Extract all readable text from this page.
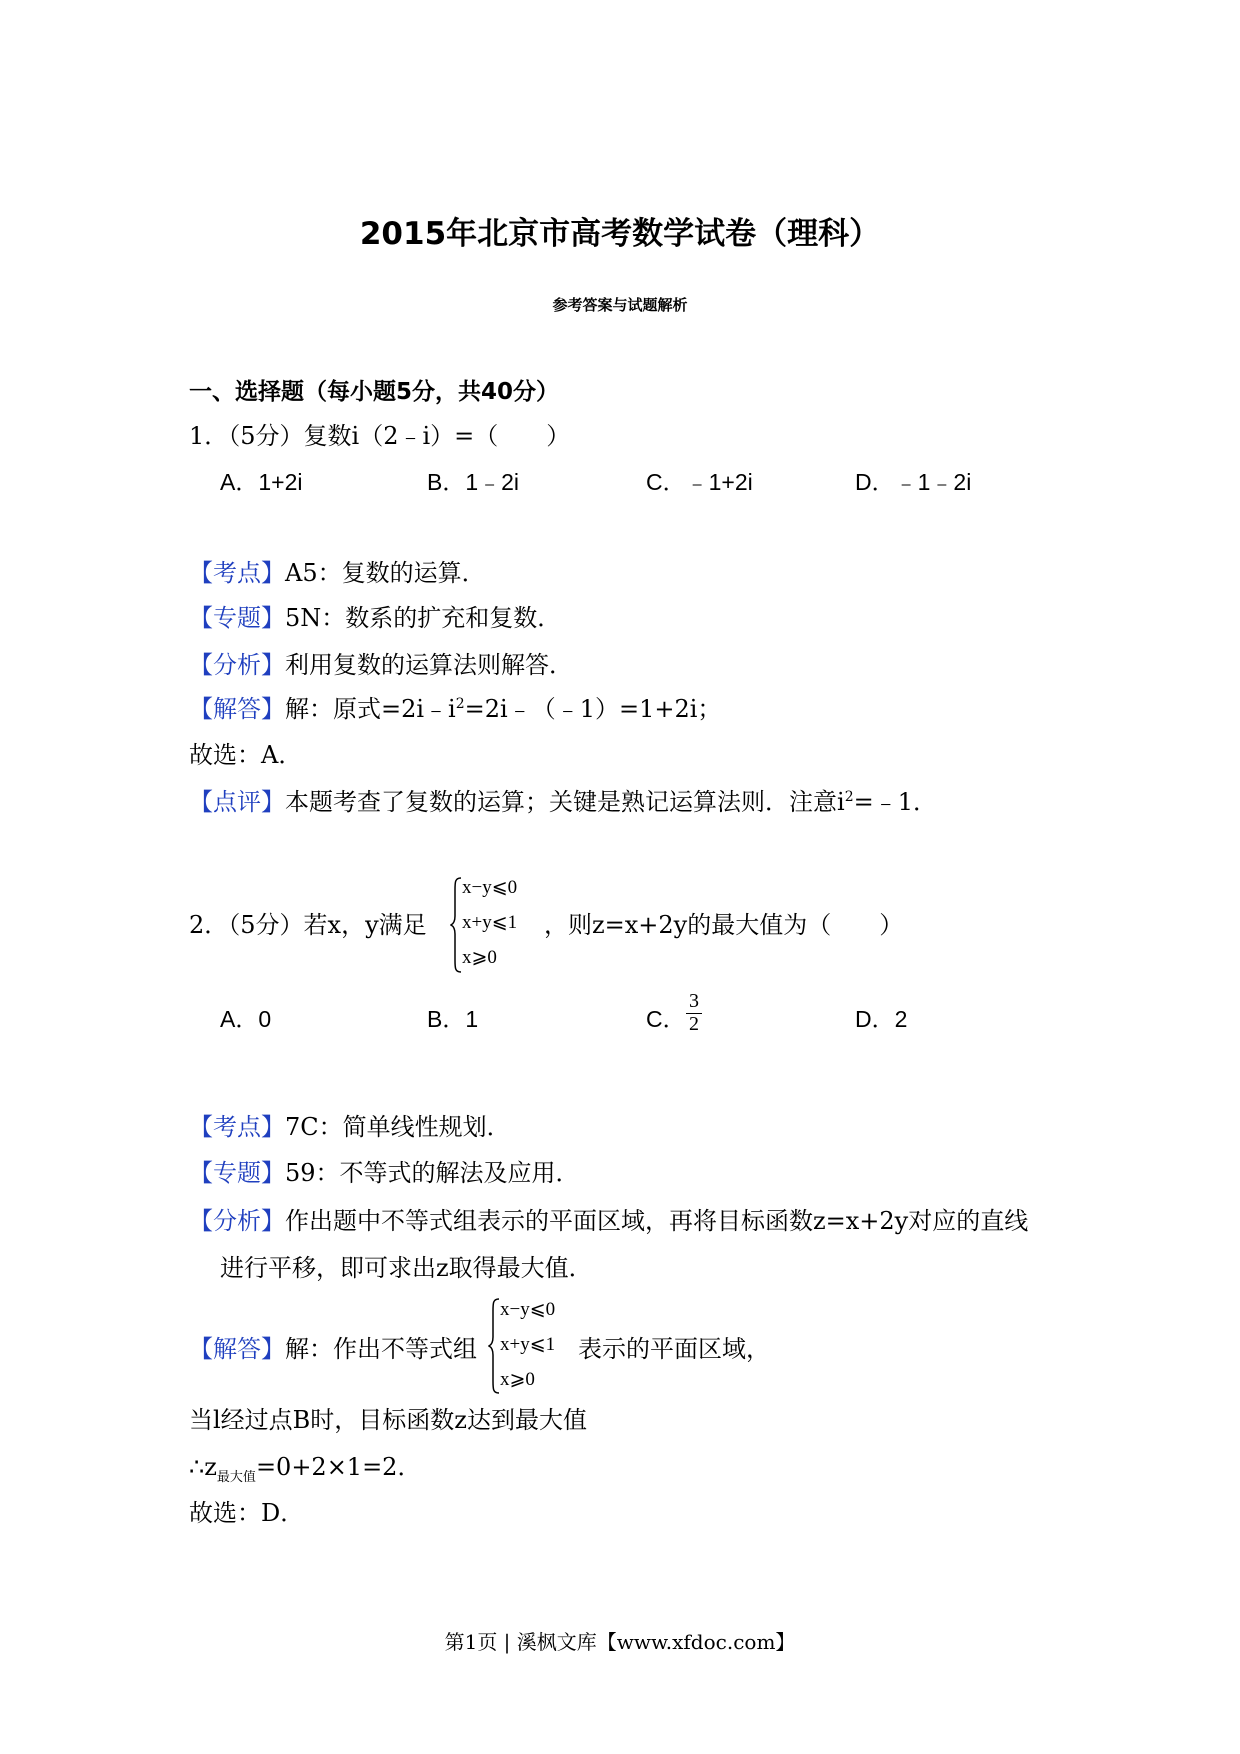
2015年北京市高考数学试卷（理科）
参考答案与试题解析
一、选择题（每小题5分，共40分）
1．（5分）复数i（2﹣i）=（　　）
A．1+2i	B．1﹣2i	C．﹣1+2i	D．﹣1﹣2i
【考点】A5：复数的运算．
【专题】5N：数系的扩充和复数．
【分析】利用复数的运算法则解答．
【解答】解：原式$=2i﹣i^2=2i﹣(﹣1)=1+2i$；
故选：A．
【点评】本题考查了复数的运算；关键是熟记运算法则．注意$i^2=﹣1$．
2．（5分）若x，y满足
x−y⩽0
x+y⩽1
x⩾0
，则z=x+2y的最大值为（　　）
A．0	B．1	C．
3
2	D．2
【考点】7C：简单线性规划．
【专题】59：不等式的解法及应用．
【分析】作出题中不等式组表示的平面区域，再将目标函数z=x+2y对应的直线
进行平移，即可求出z取得最大值．
【解答】解：作出不等式组
x−y⩽0
x+y⩽1
x⩾0
表示的平面区域，
当l经过点B时，目标函数z达到最大值
$\therefore z_{最大值}=0+2\times 1=2$．
故选：D．
第1页 | 溪枫文库【www.xfdoc.com】
